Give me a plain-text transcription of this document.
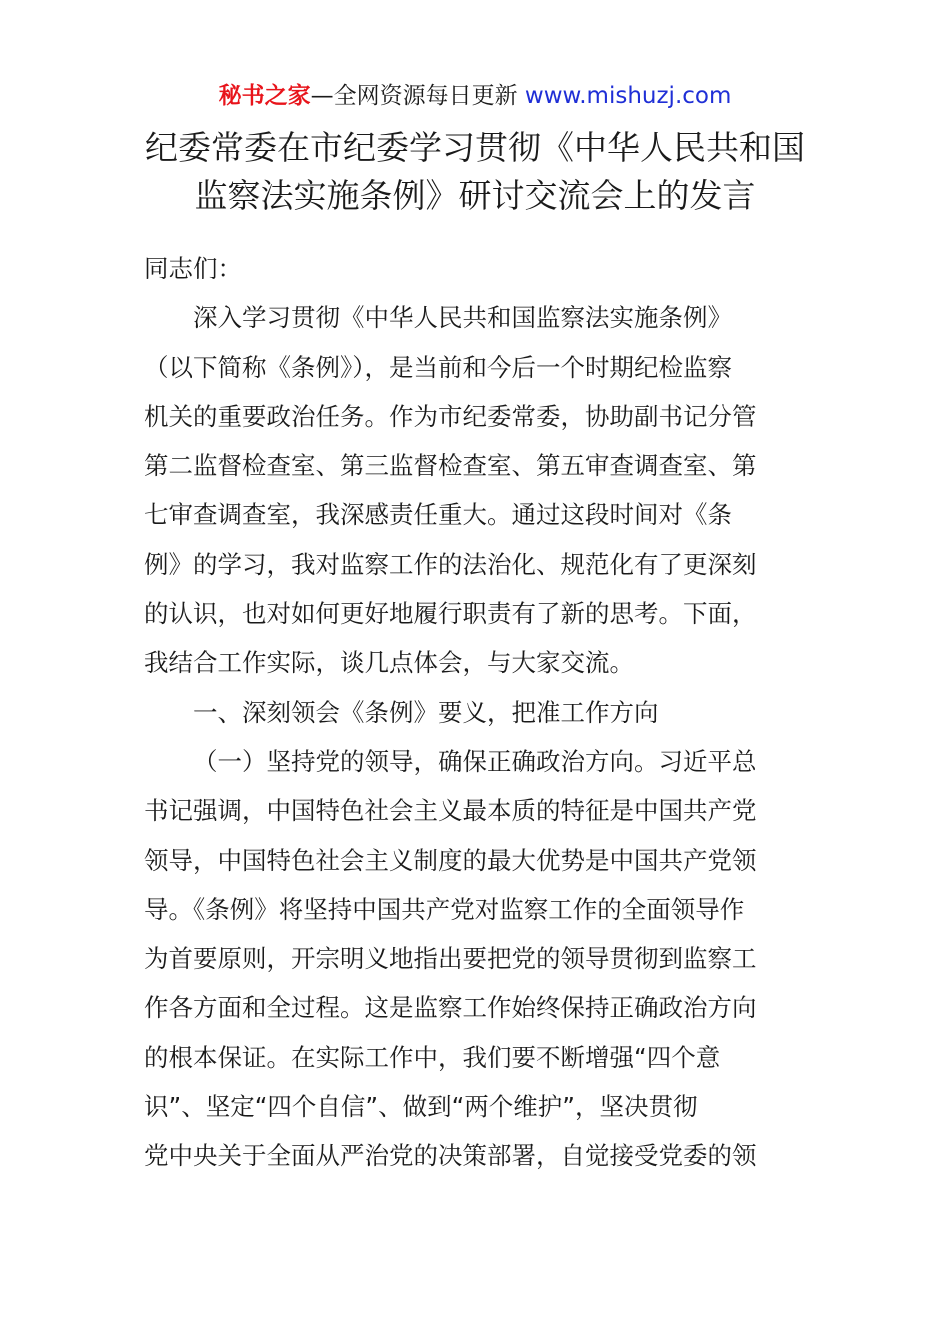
秘书之家—全网资源每日更新 www.mishuzj.com
纪委常委在市纪委学习贯彻《中华人民共和国
监察法实施条例》研讨交流会上的发言
同志们：
深入学习贯彻《中华人民共和国监察法实施条例》
（以下简称《条例》），是当前和今后一个时期纪检监察
机关的重要政治任务。作为市纪委常委，协助副书记分管
第二监督检查室、第三监督检查室、第五审查调查室、第
七审查调查室，我深感责任重大。通过这段时间对《条
例》的学习，我对监察工作的法治化、规范化有了更深刻
的认识，也对如何更好地履行职责有了新的思考。下面，
我结合工作实际，谈几点体会，与大家交流。
一、深刻领会《条例》要义，把准工作方向
（一）坚持党的领导，确保正确政治方向。习近平总
书记强调，中国特色社会主义最本质的特征是中国共产党
领导，中国特色社会主义制度的最大优势是中国共产党领
导。《条例》将坚持中国共产党对监察工作的全面领导作
为首要原则，开宗明义地指出要把党的领导贯彻到监察工
作各方面和全过程。这是监察工作始终保持正确政治方向
的根本保证。在实际工作中，我们要不断增强“四个意
识”、坚定“四个自信”、做到“两个维护”，坚决贯彻
党中央关于全面从严治党的决策部署，自觉接受党委的领
